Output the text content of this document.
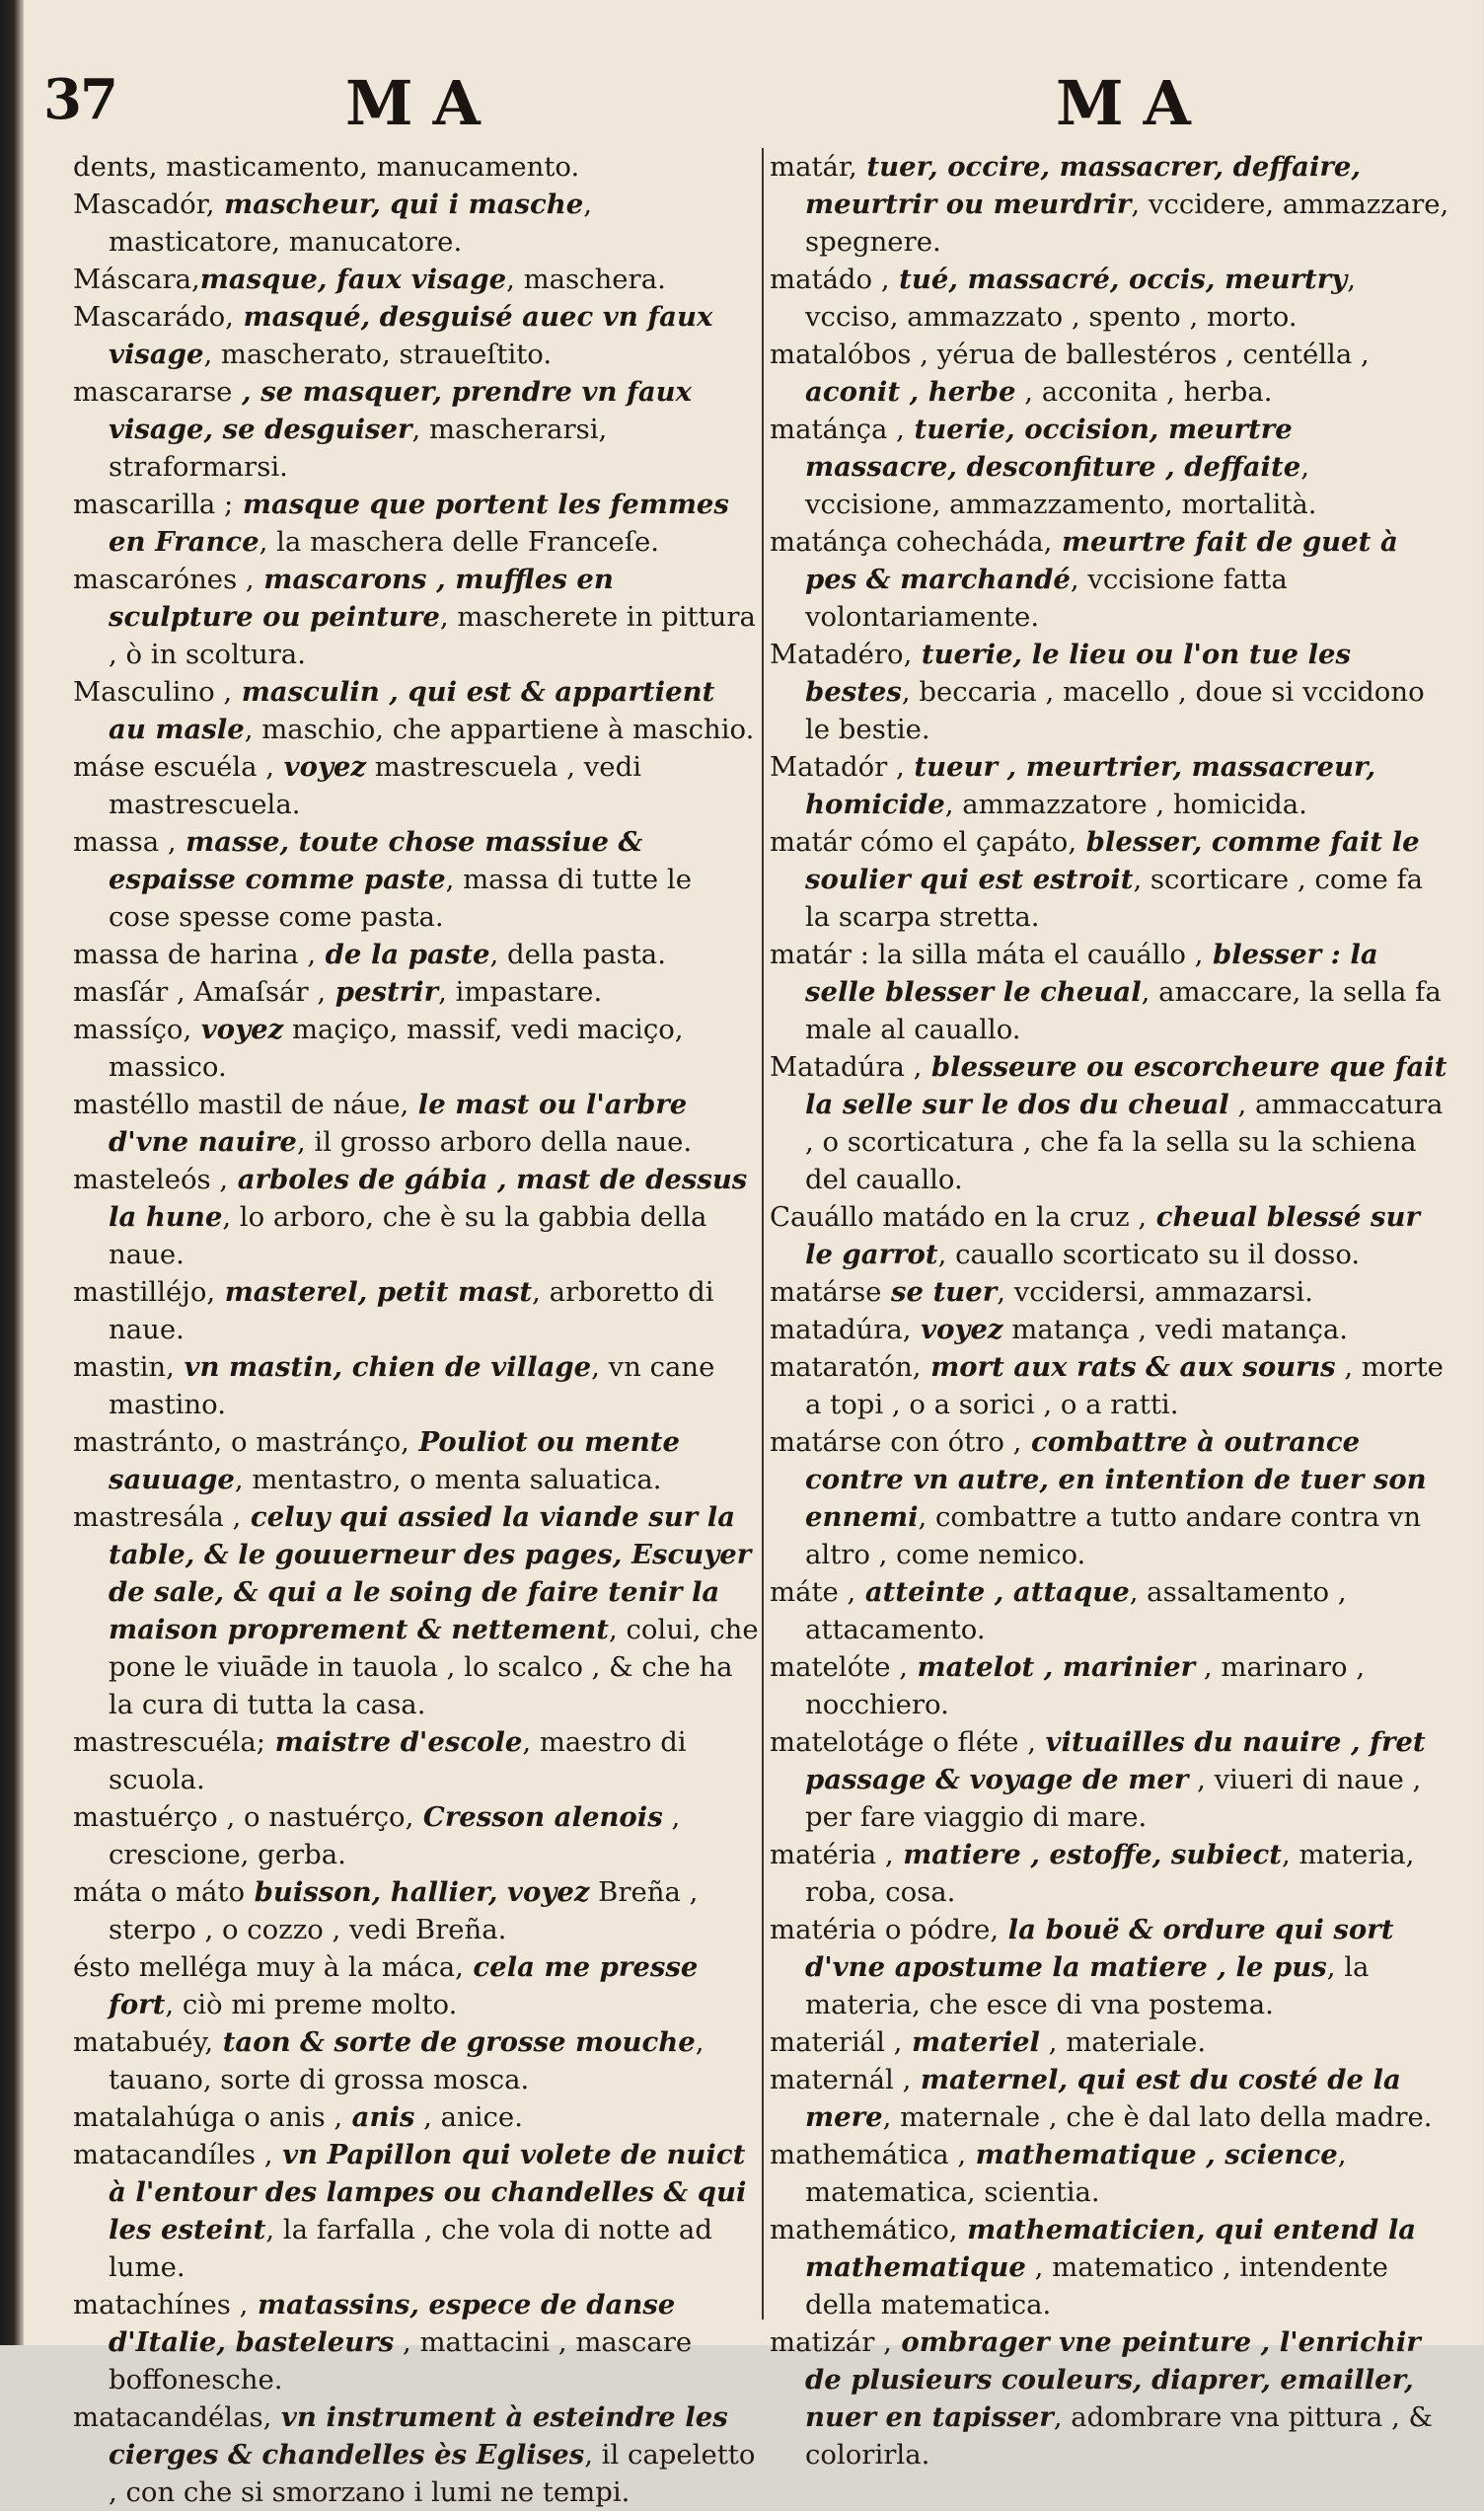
37	MA	MA
dents, masticamento, manucamento.
Mascadór, mascheur, qui i masche, masticatore, manucatore.
Máscara,masque, faux visage, maschera.
Mascarádo, masqué, desguisé auec vn faux visage, mascherato, straueſtito.
mascararse , se masquer, prendre vn faux visage, se desguiser, mascherarsi, straformarsi.
mascarilla ; masque que portent les femmes en France, la maschera delle Franceſe.
mascarónes , mascarons , muffles en sculpture ou peinture, mascherete in pittura , ò in scoltura.
Masculino , masculin , qui est & appartient au masle, maschio, che appartiene à maschio.
máse escuéla , voyez mastrescuela , vedi mastrescuela.
massa , masse, toute chose massiue & espaisse comme paste, massa di tutte le cose spesse come pasta.
massa de harina , de la paste, della pasta.
masſár , Amaſsár , pestrir, impastare.
massíço, voyez maçiço, massif, vedi maciço, massico.
mastéllo mastil de náue, le mast ou l'arbre d'vne nauire, il grosso arboro della naue.
masteleós , arboles de gábia , mast de dessus la hune, lo arboro, che è su la gabbia della naue.
mastilléjo, masterel, petit mast, arboretto di naue.
mastin, vn mastin, chien de village, vn cane mastino.
mastránto, o mastránço, Pouliot ou mente sauuage, mentastro, o menta saluatica.
mastresála , celuy qui assied la viande sur la table, & le gouuerneur des pages, Escuyer de sale, & qui a le soing de faire tenir la maison proprement & nettement, colui, che pone le viuāde in tauola , lo scalco , & che ha la cura di tutta la casa.
mastrescuéla; maistre d'escole, maestro di scuola.
mastuérço , o nastuérço, Cresson alenois , crescione, gerba.
máta o máto buisson, hallier, voyez Breña , sterpo , o cozzo , vedi Breña.
ésto melléga muy à la máca, cela me presse fort, ciò mi preme molto.
matabuéy, taon & sorte de grosse mouche, tauano, sorte di grossa mosca.
matalahúga o anis , anis , anice.
matacandíles , vn Papillon qui volete de nuict à l'entour des lampes ou chandelles & qui les esteint, la farfalla , che vola di notte ad lume.
matachínes , matassins, espece de danse d'Italie, basteleurs , mattacini , mascare boffonesche.
matacandélas, vn instrument à esteindre les cierges & chandelles ès Eglises, il capeletto , con che si smorzano i lumi ne tempi.
matár, tuer, occire, massacrer, deffaire, meurtrir ou meurdrir, vccidere, ammazzare, spegnere.
matádo , tué, massacré, occis, meurtry, vcciso, ammazzato , spento , morto.
matalóbos , yérua de ballestéros , centélla , aconit , herbe , acconita , herba.
matánça , tuerie, occision, meurtre massacre, desconfiture , deffaite, vccisione, ammazzamento, mortalità.
matánça cohecháda, meurtre fait de guet à pes & marchandé, vccisione fatta volontariamente.
Matadéro, tuerie, le lieu ou l'on tue les bestes, beccaria , macello , doue si vccidono le bestie.
Matadór , tueur , meurtrier, massacreur, homicide, ammazzatore , homicida.
matár cómo el çapáto, blesser, comme fait le soulier qui est estroit, scorticare , come fa la scarpa stretta.
matár : la silla máta el cauállo , blesser : la selle blesser le cheual, amaccare, la sella fa male al cauallo.
Matadúra , blesseure ou escorcheure que fait la selle sur le dos du cheual , ammaccatura , o scorticatura , che fa la sella su la schiena del cauallo.
Cauállo matádo en la cruz , cheual blessé sur le garrot, cauallo scorticato su il dosso.
matárse se tuer, vccidersi, ammazarsi.
matadúra, voyez matança , vedi matança.
mataratón, mort aux rats & aux sourıs , morte a topi , o a sorici , o a ratti.
matárse con ótro , combattre à outrance contre vn autre, en intention de tuer son ennemi, combattre a tutto andare contra vn altro , come nemico.
máte , atteinte , attaque, assaltamento , attacamento.
matelóte , matelot , marinier , marinaro , nocchiero.
matelotáge o fléte , vituailles du nauire , fret passage & voyage de mer , viueri di naue , per fare viaggio di mare.
matéria , matiere , estoffe, subiect, materia, roba, cosa.
matéria o pódre, la bouë & ordure qui sort d'vne apostume la matiere , le pus, la materia, che esce di vna postema.
materiál , materiel , materiale.
maternál , maternel, qui est du costé de la mere, maternale , che è dal lato della madre.
mathemática , mathematique , science, matematica, scientia.
mathemático, mathematicien, qui entend la mathematique , matematico , intendente della matematica.
matizár , ombrager vne peinture , l'enrichir de plusieurs couleurs, diaprer, emailler, nuer en tapisser, adombrare vna pittura , & colorirla.
